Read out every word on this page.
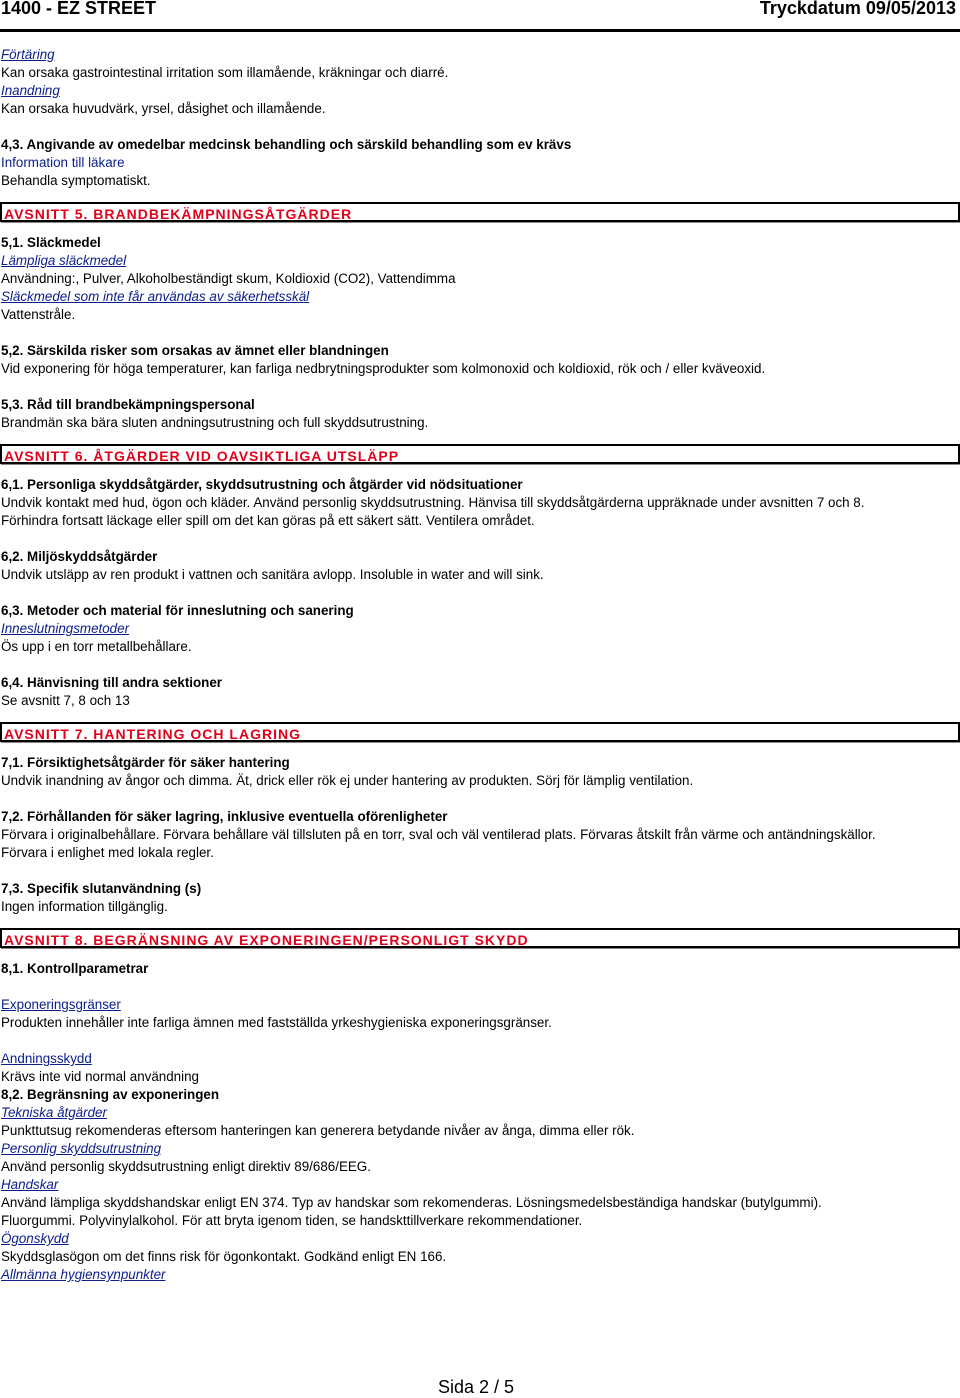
1400 - EZ STREET	Tryckdatum 09/05/2013
Förtäring
Kan orsaka gastrointestinal irritation som illamående, kräkningar och diarré.
Inandning
Kan orsaka huvudvärk, yrsel, dåsighet och illamående.
4,3. Angivande av omedelbar medcinsk behandling och särskild behandling som ev krävs
Information till läkare
Behandla symptomatiskt.
AVSNITT 5. BRANDBEKÄMPNINGSÅTGÄRDER
5,1. Släckmedel
Lämpliga släckmedel
Användning:, Pulver, Alkoholbeständigt skum, Koldioxid (CO2), Vattendimma
Släckmedel som inte får användas av säkerhetsskäl
Vattenstråle.
5,2. Särskilda risker som orsakas av ämnet eller blandningen
Vid exponering för höga temperaturer, kan farliga nedbrytningsprodukter som kolmonoxid och koldioxid, rök och / eller kväveoxid.
5,3. Råd till brandbekämpningspersonal
Brandmän ska bära sluten andningsutrustning och full skyddsutrustning.
AVSNITT 6. ÅTGÄRDER VID OAVSIKTLIGA UTSLÄPP
6,1. Personliga skyddsåtgärder, skyddsutrustning och åtgärder vid nödsituationer
Undvik kontakt med hud, ögon och kläder. Använd personlig skyddsutrustning. Hänvisa till skyddsåtgärderna uppräknade under avsnitten 7 och 8.
Förhindra fortsatt läckage eller spill om det kan göras på ett säkert sätt. Ventilera området.
6,2. Miljöskyddsåtgärder
Undvik utsläpp av ren produkt i vattnen och sanitära avlopp. Insoluble in water and will sink.
6,3. Metoder och material för inneslutning och sanering
Inneslutningsmetoder
Ös upp i en torr metallbehållare.
6,4. Hänvisning till andra sektioner
Se avsnitt 7, 8 och 13
AVSNITT 7. HANTERING OCH LAGRING
7,1. Försiktighetsåtgärder för säker hantering
Undvik inandning av ångor och dimma. Ät, drick eller rök ej under hantering av produkten. Sörj för lämplig ventilation.
7,2. Förhållanden för säker lagring, inklusive eventuella oförenligheter
Förvara i originalbehållare. Förvara behållare väl tillsluten på en torr, sval och väl ventilerad plats. Förvaras åtskilt från värme och antändningskällor.
Förvara i enlighet med lokala regler.
7,3. Specifik slutanvändning (s)
Ingen information tillgänglig.
AVSNITT 8. BEGRÄNSNING AV EXPONERINGEN/PERSONLIGT SKYDD
8,1. Kontrollparametrar
Exponeringsgränser
Produkten innehåller inte farliga ämnen med fastställda yrkeshygieniska exponeringsgränser.
Andningsskydd
Krävs inte vid normal användning
8,2. Begränsning av exponeringen
Tekniska åtgärder
Punkttutsug rekomenderas eftersom hanteringen kan generera betydande nivåer av ånga, dimma eller rök.
Personlig skyddsutrustning
Använd personlig skyddsutrustning enligt direktiv 89/686/EEG.
Handskar
Använd lämpliga skyddshandskar enligt EN 374. Typ av handskar som rekomenderas. Lösningsmedelsbeständiga handskar (butylgummi).
Fluorgummi. Polyvinylalkohol. För att bryta igenom tiden, se handskttillverkare rekommendationer.
Ögonskydd
Skyddsglasögon om det finns risk för ögonkontakt. Godkänd enligt EN 166.
Allmänna hygiensynpunkter
Sida 2 / 5
